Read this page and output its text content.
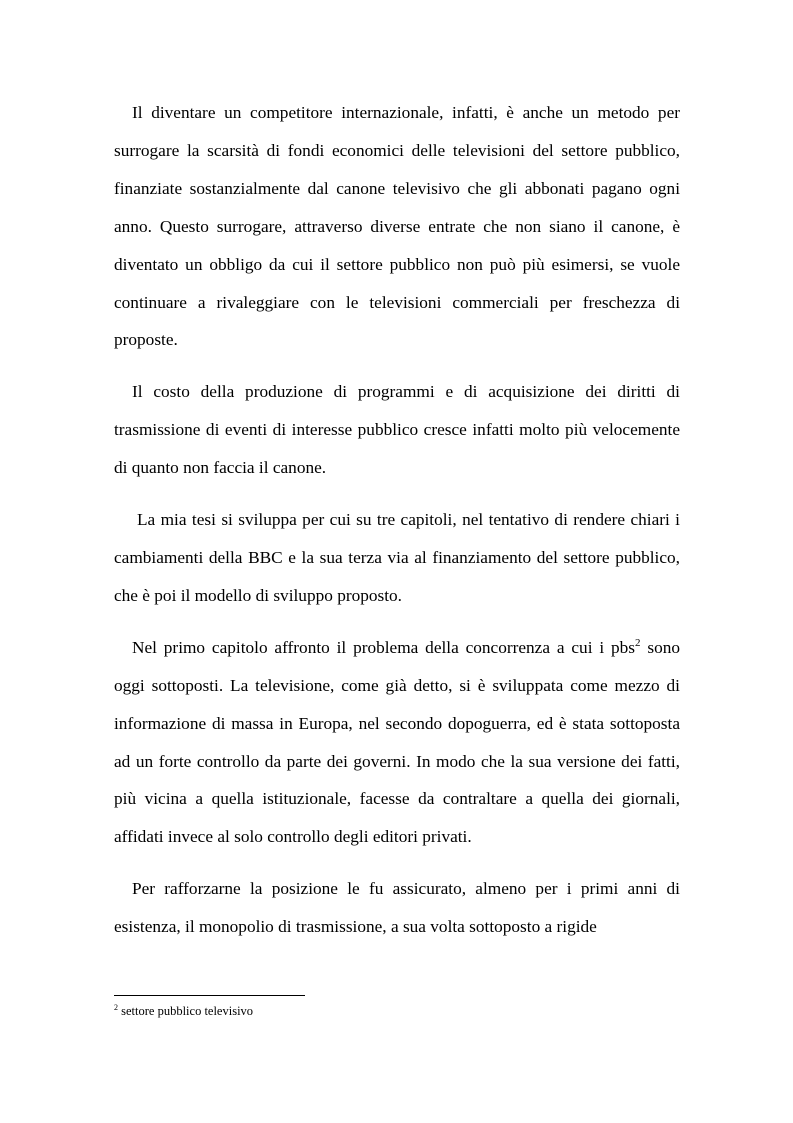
Il diventare un competitore internazionale, infatti, è anche un metodo per surrogare la scarsità di fondi economici delle televisioni del settore pubblico, finanziate sostanzialmente dal canone televisivo che gli abbonati pagano ogni anno. Questo surrogare, attraverso diverse entrate che non siano il canone, è diventato un obbligo da cui il settore pubblico non può più esimersi, se vuole continuare a rivaleggiare con le televisioni commerciali per freschezza di proposte.

Il costo della produzione di programmi e di acquisizione dei diritti di trasmissione di eventi di interesse pubblico cresce infatti molto più velocemente di quanto non faccia il canone.

La mia tesi si sviluppa per cui su tre capitoli, nel tentativo di rendere chiari i cambiamenti della BBC e la sua terza via al finanziamento del settore pubblico, che è poi il modello di sviluppo proposto.

Nel primo capitolo affronto il problema della concorrenza a cui i pbs$^2$ sono oggi sottoposti. La televisione, come già detto, si è sviluppata come mezzo di informazione di massa in Europa, nel secondo dopoguerra, ed è stata sottoposta ad un forte controllo da parte dei governi. In modo che la sua versione dei fatti, più vicina a quella istituzionale, facesse da contraltare a quella dei giornali, affidati invece al solo controllo degli editori privati.

Per rafforzarne la posizione le fu assicurato, almeno per i primi anni di esistenza, il monopolio di trasmissione, a sua volta sottoposto a rigide

$^2$ settore pubblico televisivo
